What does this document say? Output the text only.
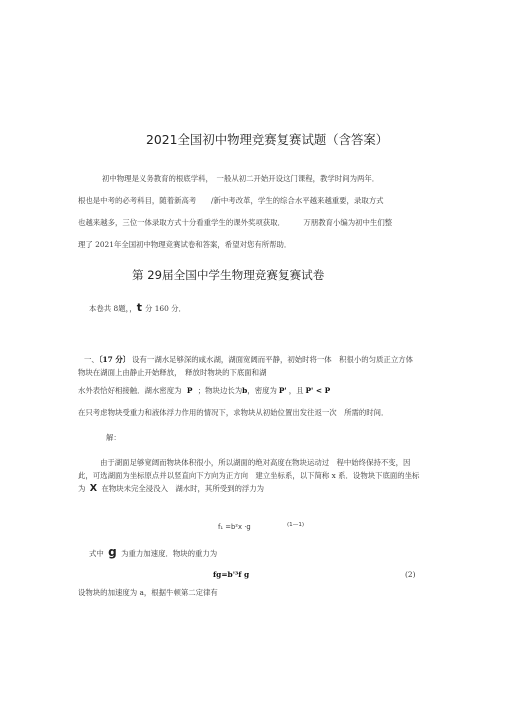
2021全国初中物理竞赛复赛试题（含答案）
初中物理是义务教育的根底学科，　一般从初二开始开设这门课程，教学时间为两年．
根也是中考的必考科目，随着新高考　　/新中考改革，学生的综合水平越来越重要，录取方式
也越来越多，三位一体录取方式十分看重学生的课外奖项获取．　　　万朋教育小编为初中生们整
理了 2021年全国初中物理竞赛试卷和答案，希望对您有所帮助．
第 29届全国中学生物理竞赛复赛试卷
本卷共 8题，，t 分 160 分．
一、〔17 分〕 设有一湖水足够深的咸水湖，湖面宽阔而平静，初始时将一体　积很小的匀质正立方体
物块在湖面上由静止开始释放，　释放时物块的下底面和湖
水外表恰好相接触．湖水密度为 P ；物块边长为b，密度为 P' ，且 P' < P
在只考虑物块受重力和液体浮力作用的情况下，求物块从初始位置出发往返一次　所需的时间．
解：
由于湖面足够宽阔而物块体积很小，所以湖面的绝对高度在物块运动过　程中始终保持不变，因
此，可选湖面为坐标原点并以竖直向下方向为正方向　建立坐标系，以下简称 x 系．设物块下底面的坐标
为 X 在物块未完全浸没入　湖水时，其所受到的浮力为
f₁ =b²x ·g	(1—1)
式中 g 为重力加速度．物块的重力为
fg=b'³f g	(2)
设物块的加速度为 a，根据牛顿第二定律有
